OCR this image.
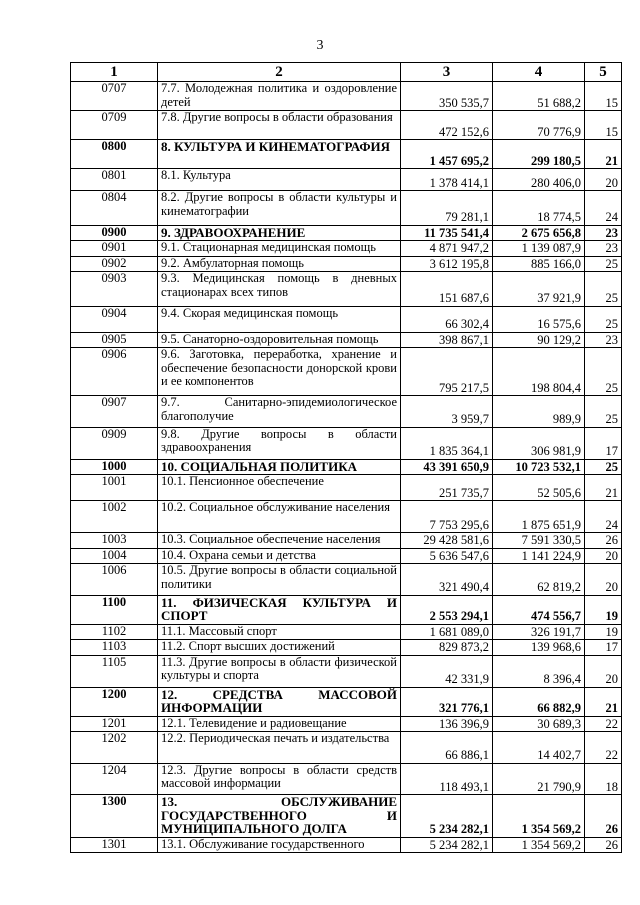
3
1	2	3	4	5
0707	7.7. Молодежная политика и оздоровление детей	350 535,7	51 688,2	15
0709	7.8. Другие вопросы в области образования	472 152,6	70 776,9	15
0800	8. КУЛЬТУРА И КИНЕМАТОГРАФИЯ	1 457 695,2	299 180,5	21
0801	8.1. Культура	1 378 414,1	280 406,0	20
0804	8.2. Другие вопросы в области культуры и кинематографии	79 281,1	18 774,5	24
0900	9. ЗДРАВООХРАНЕНИЕ	11 735 541,4	2 675 656,8	23
0901	9.1. Стационарная медицинская помощь	4 871 947,2	1 139 087,9	23
0902	9.2. Амбулаторная помощь	3 612 195,8	885 166,0	25
0903	9.3. Медицинская помощь в дневных стационарах всех типов	151 687,6	37 921,9	25
0904	9.4. Скорая медицинская помощь	66 302,4	16 575,6	25
0905	9.5. Санаторно-оздоровительная помощь	398 867,1	90 129,2	23
0906	9.6. Заготовка, переработка, хранение и обеспечение безопасности донорской крови и ее компонентов	795 217,5	198 804,4	25
0907	9.7. Санитарно-эпидемиологическое благополучие	3 959,7	989,9	25
0909	9.8. Другие вопросы в области здравоохранения	1 835 364,1	306 981,9	17
1000	10. СОЦИАЛЬНАЯ ПОЛИТИКА	43 391 650,9	10 723 532,1	25
1001	10.1. Пенсионное обеспечение	251 735,7	52 505,6	21
1002	10.2. Социальное обслуживание населения	7 753 295,6	1 875 651,9	24
1003	10.3. Социальное обеспечение населения	29 428 581,6	7 591 330,5	26
1004	10.4. Охрана семьи и детства	5 636 547,6	1 141 224,9	20
1006	10.5. Другие вопросы в области социальной политики	321 490,4	62 819,2	20
1100	11. ФИЗИЧЕСКАЯ КУЛЬТУРА И СПОРТ	2 553 294,1	474 556,7	19
1102	11.1. Массовый спорт	1 681 089,0	326 191,7	19
1103	11.2. Спорт высших достижений	829 873,2	139 968,6	17
1105	11.3. Другие вопросы в области физической культуры и спорта	42 331,9	8 396,4	20
1200	12. СРЕДСТВА МАССОВОЙ ИНФОРМАЦИИ	321 776,1	66 882,9	21
1201	12.1. Телевидение и радиовещание	136 396,9	30 689,3	22
1202	12.2. Периодическая печать и издательства	66 886,1	14 402,7	22
1204	12.3. Другие вопросы в области средств массовой информации	118 493,1	21 790,9	18
1300	13. ОБСЛУЖИВАНИЕ ГОСУДАРСТВЕННОГО И МУНИЦИПАЛЬНОГО ДОЛГА	5 234 282,1	1 354 569,2	26
1301	13.1. Обслуживание государственного	5 234 282,1	1 354 569,2	26
